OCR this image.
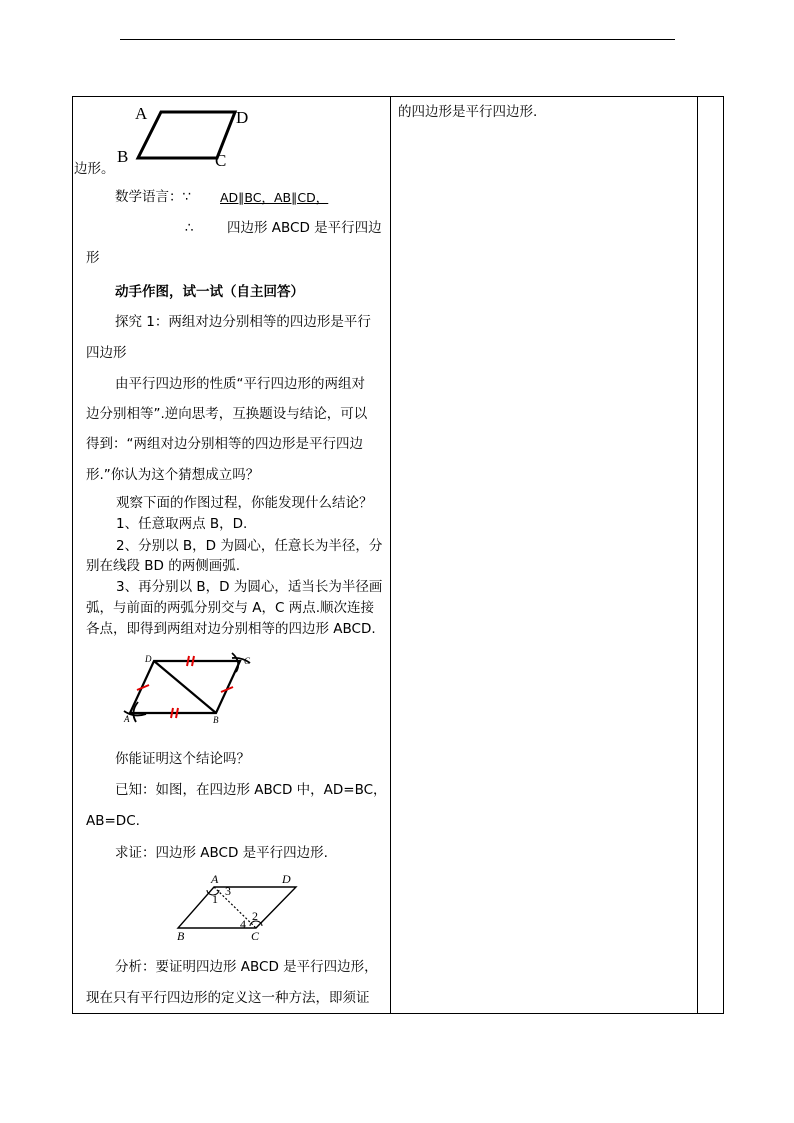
A	D
B	C
边形。
数学语言：∵ AD∥BC，AB∥CD，
∴ 四边形 ABCD 是平行四边
形
动手作图，试一试（自主回答）
探究 1：两组对边分别相等的四边形是平行
四边形
由平行四边形的性质“平行四边形的两组对
边分别相等”.逆向思考，互换题设与结论，可以
得到：“两组对边分别相等的四边形是平行四边
形.”你认为这个猜想成立吗？
观察下面的作图过程，你能发现什么结论？
1、任意取两点 B，D.
2、分别以 B，D 为圆心，任意长为半径，分
别在线段 BD 的两侧画弧.
3、再分别以 B，D 为圆心，适当长为半径画
弧，与前面的两弧分别交与 A，C 两点.顺次连接
各点，即得到两组对边分别相等的四边形 ABCD.
D	C
A	B
你能证明这个结论吗？
已知：如图，在四边形 ABCD 中，AD=BC，
AB=DC.
求证：四边形 ABCD 是平行四边形.
A	D
B	C
3
1
2
4
分析：要证明四边形 ABCD 是平行四边形，
现在只有平行四边形的定义这一种方法，即须证
的四边形是平行四边形.
